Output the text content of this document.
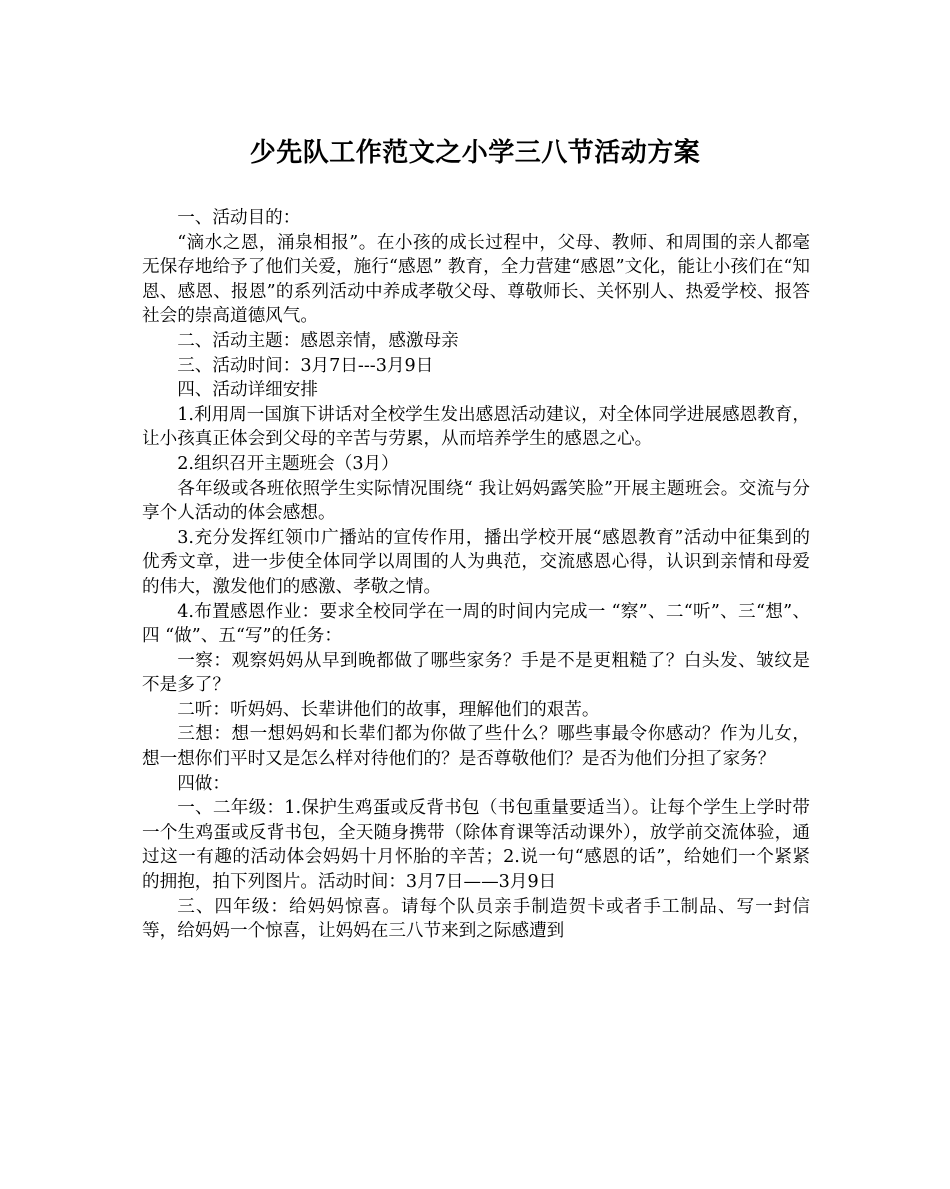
少先队工作范文之小学三八节活动方案

一、活动目的：

“滴水之恩，涌泉相报”。在小孩的成长过程中，父母、教师、和周围的亲人都毫无保存地给予了他们关爱，施行“感恩” 教育，全力营建“感恩”文化，能让小孩们在“知恩、感恩、报恩”的系列活动中养成孝敬父母、尊敬师长、关怀别人、热爱学校、报答社会的崇高道德风气。

二、活动主题：感恩亲情，感激母亲

三、活动时间：3月7日---3月9日

四、活动详细安排

1.利用周一国旗下讲话对全校学生发出感恩活动建议，对全体同学进展感恩教育，让小孩真正体会到父母的辛苦与劳累，从而培养学生的感恩之心。

2.组织召开主题班会（3月）

各年级或各班依照学生实际情况围绕“ 我让妈妈露笑脸”开展主题班会。交流与分享个人活动的体会感想。

3.充分发挥红领巾广播站的宣传作用，播出学校开展“感恩教育”活动中征集到的优秀文章，进一步使全体同学以周围的人为典范，交流感恩心得，认识到亲情和母爱的伟大，激发他们的感激、孝敬之情。

4.布置感恩作业：要求全校同学在一周的时间内完成一 “察”、二“听”、三“想”、四 “做”、五“写”的任务：

一察：观察妈妈从早到晚都做了哪些家务？手是不是更粗糙了？白头发、皱纹是不是多了？

二听：听妈妈、长辈讲他们的故事，理解他们的艰苦。

三想：想一想妈妈和长辈们都为你做了些什么？哪些事最令你感动？作为儿女，想一想你们平时又是怎么样对待他们的？是否尊敬他们？是否为他们分担了家务？

四做：

一、二年级：1.保护生鸡蛋或反背书包（书包重量要适当）。让每个学生上学时带一个生鸡蛋或反背书包，全天随身携带（除体育课等活动课外），放学前交流体验，通过这一有趣的活动体会妈妈十月怀胎的辛苦；2.说一句“感恩的话”，给她们一个紧紧的拥抱，拍下列图片。活动时间：3月7日——3月9日

三、四年级：给妈妈惊喜。请每个队员亲手制造贺卡或者手工制品、写一封信等，给妈妈一个惊喜，让妈妈在三八节来到之际感遭到
